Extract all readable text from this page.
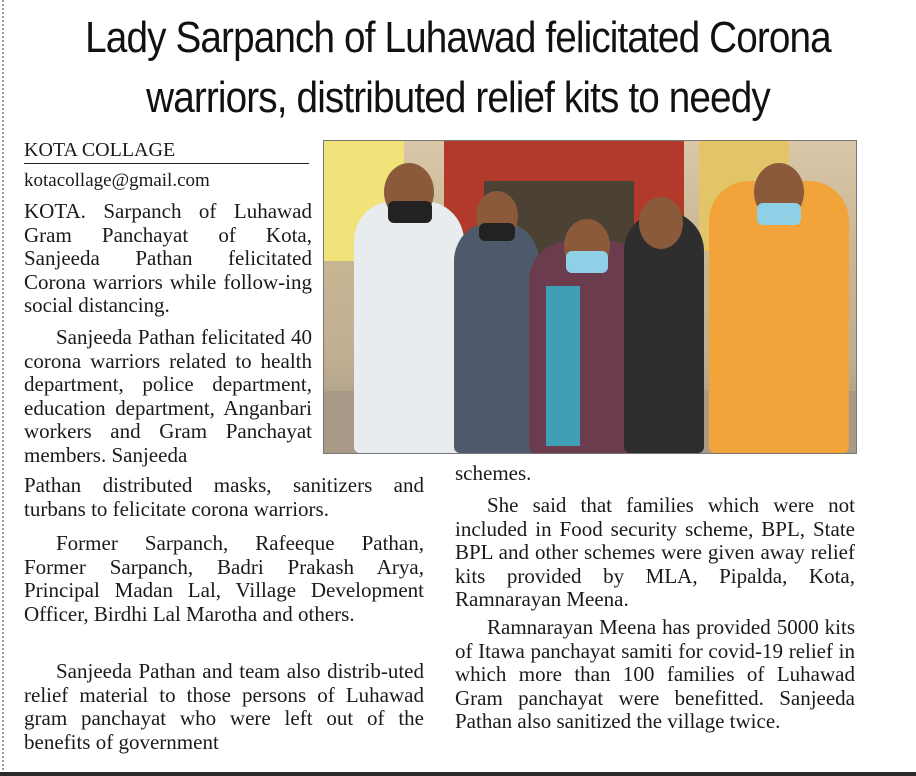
Lady Sarpanch of Luhawad felicitated Corona
warriors, distributed relief kits to needy
KOTA COLLAGE
kotacollage@gmail.com
KOTA. Sarpanch of Luhawad Gram Panchayat of Kota, Sanjeeda Pathan felicitated Corona warriors while follow-ing social distancing.
Sanjeeda Pathan felicitated 40 corona warriors related to health department, police department, education department, Anganbari workers and Gram Panchayat members. Sanjeeda
Pathan distributed masks, sanitizers and turbans to felicitate corona warriors.
Former Sarpanch, Rafeeque Pathan, Former Sarpanch, Badri Prakash Arya, Principal Madan Lal, Village Development Officer, Birdhi Lal Marotha and others.
Sanjeeda Pathan and team also distrib-uted relief material to those persons of Luhawad gram panchayat who were left out of the benefits of government
schemes.
She said that families which were not included in Food security scheme, BPL, State BPL and other schemes were given away relief kits provided by MLA, Pipalda, Kota, Ramnarayan Meena.
Ramnarayan Meena has provided 5000 kits of Itawa panchayat samiti for covid-19 relief in which more than 100 families of Luhawad Gram panchayat were benefitted. Sanjeeda Pathan also sanitized the village twice.
